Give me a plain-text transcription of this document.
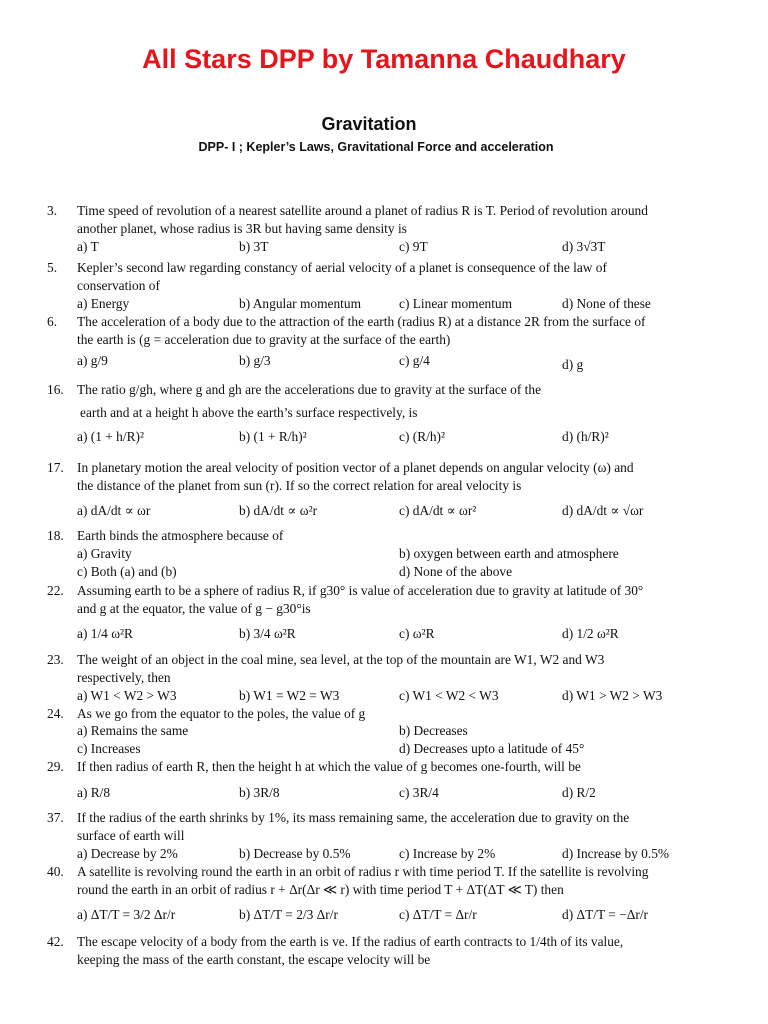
All Stars DPP by Tamanna Chaudhary
Gravitation
DPP- I ; Kepler’s Laws, Gravitational Force and acceleration
3. Time speed of revolution of a nearest satellite around a planet of radius R is T. Period of revolution around
another planet, whose radius is 3R but having same density is
a) T	b) 3T	c) 9T	d) 3√3T
5. Kepler’s second law regarding constancy of aerial velocity of a planet is consequence of the law of
conservation of
a) Energy	b) Angular momentum	c) Linear momentum	d) None of these
6. The acceleration of a body due to the attraction of the earth (radius R) at a distance 2R from the surface of
the earth is (g = acceleration due to gravity at the surface of the earth)
a) g/9	b) g/3	c) g/4	d) g
16. The ratio g/gh, where g and gh are the accelerations due to gravity at the surface of the
earth and at a height h above the earth’s surface respectively, is
a) (1 + h/R)²	b) (1 + R/h)²	c) (R/h)²	d) (h/R)²
17. In planetary motion the areal velocity of position vector of a planet depends on angular velocity (ω) and
the distance of the planet from sun (r). If so the correct relation for areal velocity is
a) dA/dt ∝ ωr	b) dA/dt ∝ ω²r	c) dA/dt ∝ ωr²	d) dA/dt ∝ √ωr
18. Earth binds the atmosphere because of
a) Gravity	b) oxygen between earth and atmosphere
c) Both (a) and (b)	d) None of the above
22. Assuming earth to be a sphere of radius R, if g30° is value of acceleration due to gravity at latitude of 30°
and g at the equator, the value of g − g30°is
a) 1/4 ω²R	b) 3/4 ω²R	c) ω²R	d) 1/2 ω²R
23. The weight of an object in the coal mine, sea level, at the top of the mountain are W1, W2 and W3
respectively, then
a) W1 < W2 > W3	b) W1 = W2 = W3	c) W1 < W2 < W3	d) W1 > W2 > W3
24. As we go from the equator to the poles, the value of g
a) Remains the same	b) Decreases
c) Increases	d) Decreases upto a latitude of 45°
29. If then radius of earth R, then the height h at which the value of g becomes one-fourth, will be
a) R/8	b) 3R/8	c) 3R/4	d) R/2
37. If the radius of the earth shrinks by 1%, its mass remaining same, the acceleration due to gravity on the
surface of earth will
a) Decrease by 2%	b) Decrease by 0.5%	c) Increase by 2%	d) Increase by 0.5%
40. A satellite is revolving round the earth in an orbit of radius r with time period T. If the satellite is revolving
round the earth in an orbit of radius r + Δr(Δr ≪ r) with time period T + ΔT(ΔT ≪ T) then
a) ΔT/T = 3/2 Δr/r	b) ΔT/T = 2/3 Δr/r	c) ΔT/T = Δr/r	d) ΔT/T = −Δr/r
42. The escape velocity of a body from the earth is ve. If the radius of earth contracts to 1/4th of its value,
keeping the mass of the earth constant, the escape velocity will be
